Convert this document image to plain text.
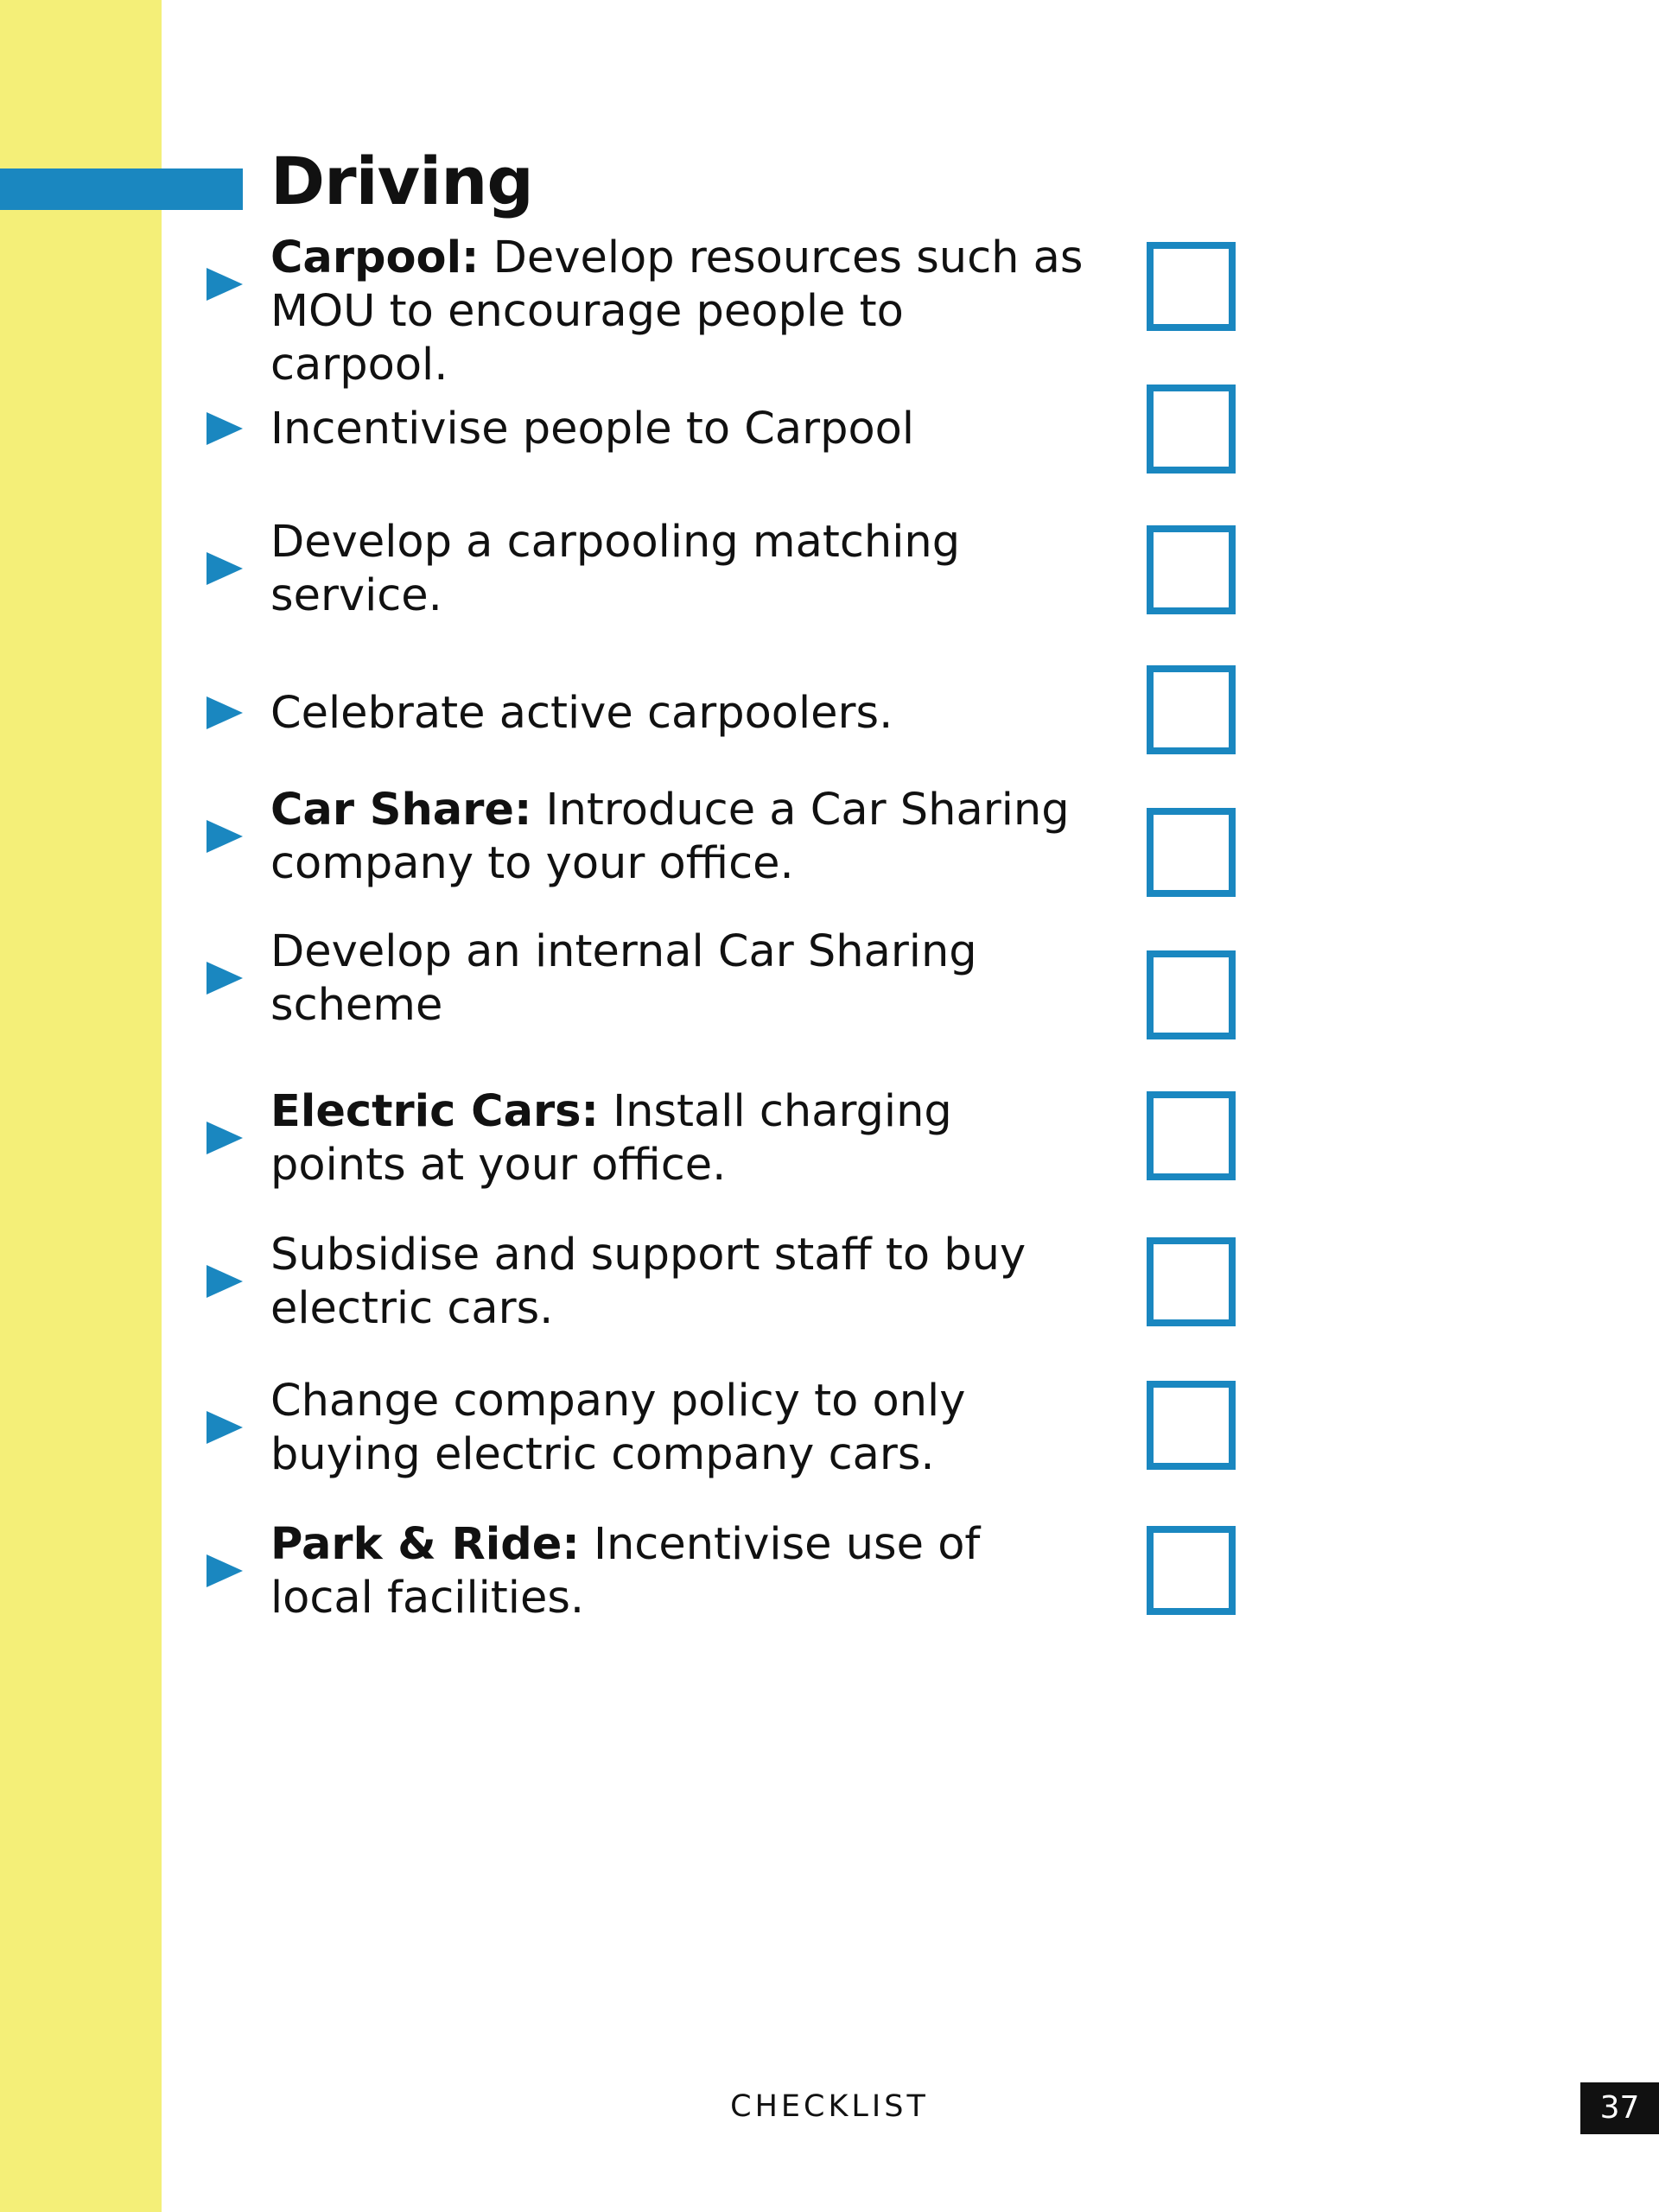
Driving
Carpool: Develop resources such as MOU to encourage people to carpool.
Incentivise people to Carpool
Develop a carpooling matching service.
Celebrate active carpoolers.
Car Share: Introduce a Car Sharing company to your office.
Develop an internal Car Sharing scheme
Electric Cars: Install charging points at your office.
Subsidise and support staff to buy electric cars.
Change company policy to only buying electric company cars.
Park & Ride: Incentivise use of local facilities.
CHECKLIST	37
